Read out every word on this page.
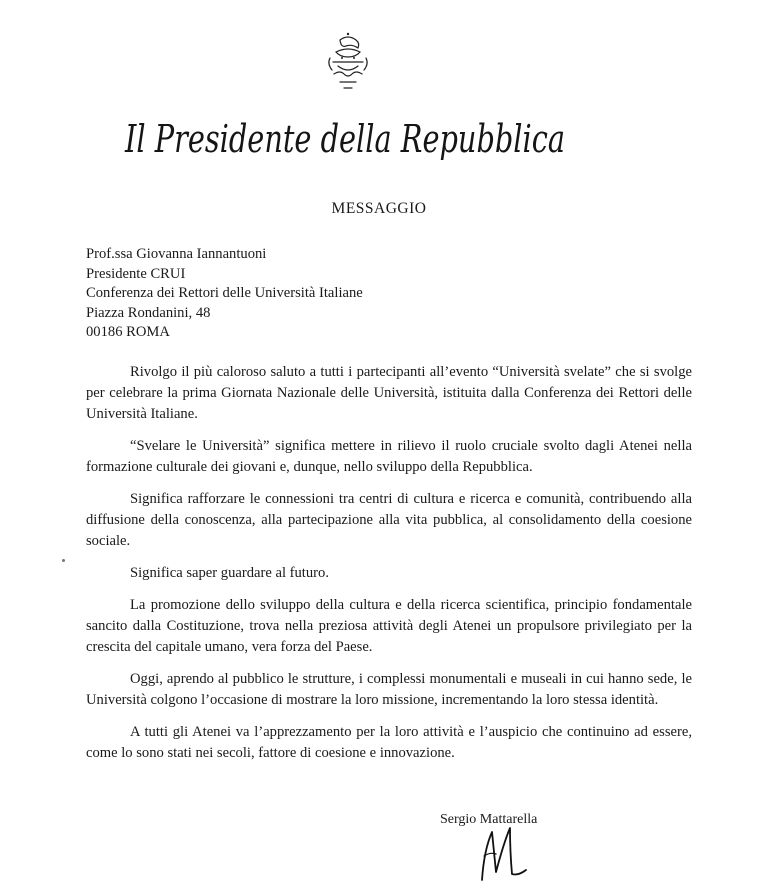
Il Presidente della Repubblica
MESSAGGIO
Prof.ssa Giovanna Iannantuoni
Presidente CRUI
Conferenza dei Rettori delle Università Italiane
Piazza Rondanini, 48
00186 ROMA

Rivolgo il più caloroso saluto a tutti i partecipanti all’evento “Università svelate” che si svolge per celebrare la prima Giornata Nazionale delle Università, istituita dalla Conferenza dei Rettori delle Università Italiane.

“Svelare le Università” significa mettere in rilievo il ruolo cruciale svolto dagli Atenei nella formazione culturale dei giovani e, dunque, nello sviluppo della Repubblica.

Significa rafforzare le connessioni tra centri di cultura e ricerca e comunità, contribuendo alla diffusione della conoscenza, alla partecipazione alla vita pubblica, al consolidamento della coesione sociale.

Significa saper guardare al futuro.

La promozione dello sviluppo della cultura e della ricerca scientifica, principio fondamentale sancito dalla Costituzione, trova nella preziosa attività degli Atenei un propulsore privilegiato per la crescita del capitale umano, vera forza del Paese.

Oggi, aprendo al pubblico le strutture, i complessi monumentali e museali in cui hanno sede, le Università colgono l’occasione di mostrare la loro missione, incrementando la loro stessa identità.

A tutti gli Atenei va l’apprezzamento per la loro attività e l’auspicio che continuino ad essere, come lo sono stati nei secoli, fattore di coesione e innovazione.

Sergio Mattarella
